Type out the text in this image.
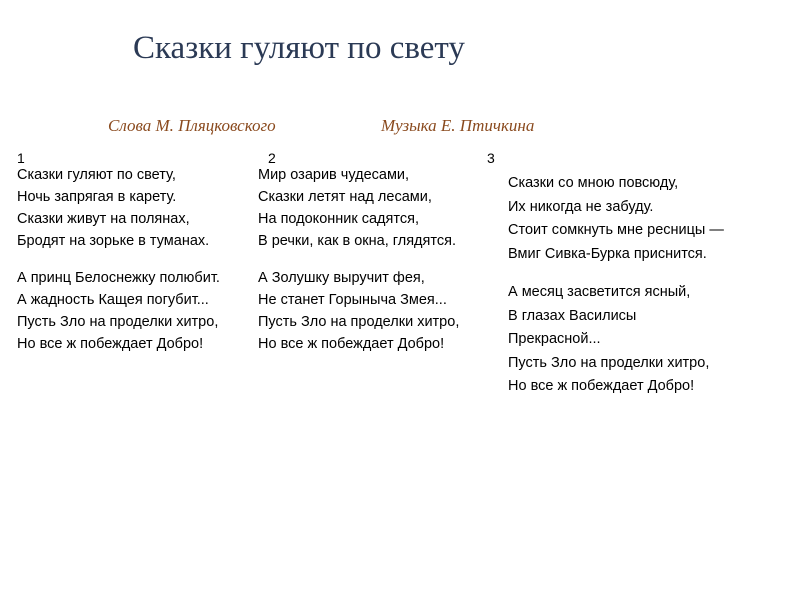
Сказки гуляют по свету
Слова М. Пляцковского	Музыка Е. Птичкина
1	2	3
Сказки гуляют по свету,
Ночь запрягая в карету.
Сказки живут на полянах,
Бродят на зорьке в туманах.
А принц Белоснежку полюбит.
А жадность Кащея погубит...
Пусть Зло на проделки хитро,
Но все ж побеждает Добро!
Мир озарив чудесами,
Сказки летят над лесами,
На подоконник садятся,
В речки, как в окна, глядятся.
А Золушку выручит фея,
Не станет Горыныча Змея...
Пусть Зло на проделки хитро,
Но все ж побеждает Добро!
Сказки со мною повсюду,
Их никогда не забуду.
Стоит сомкнуть мне ресницы —
Вмиг Сивка-Бурка приснится.
А месяц засветится ясный,
В глазах Василисы
Прекрасной...
Пусть Зло на проделки хитро,
Но все ж побеждает Добро!
